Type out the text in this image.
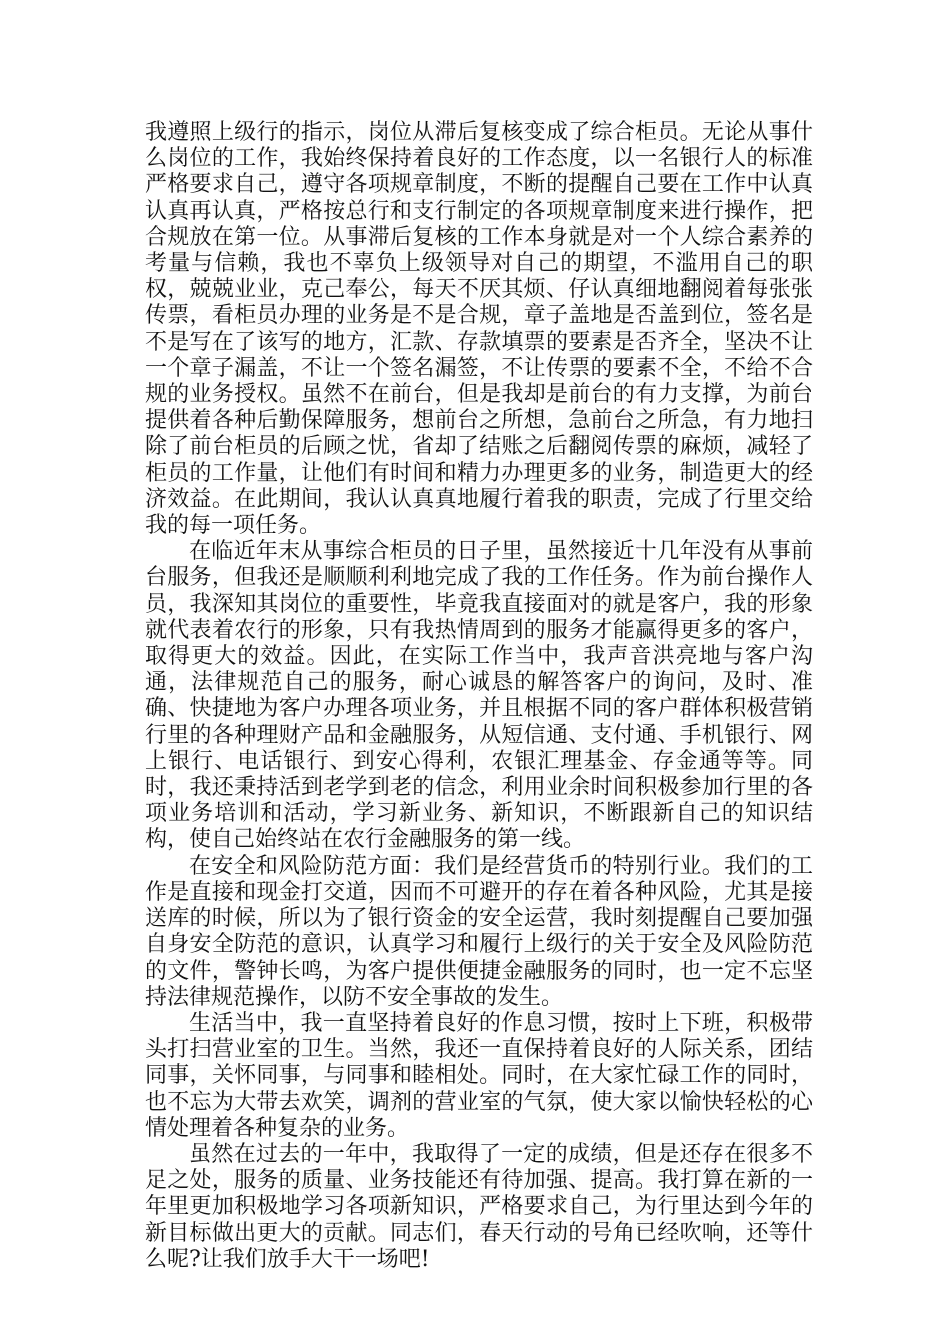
我遵照上级行的指示，岗位从滞后复核变成了综合柜员。无论从事什么岗位的工作，我始终保持着良好的工作态度，以一名银行人的标准严格要求自己，遵守各项规章制度，不断的提醒自己要在工作中认真认真再认真，严格按总行和支行制定的各项规章制度来进行操作，把合规放在第一位。从事滞后复核的工作本身就是对一个人综合素养的考量与信赖，我也不辜负上级领导对自己的期望，不滥用自己的职权，兢兢业业，克己奉公，每天不厌其烦、仔认真细地翻阅着每张张传票，看柜员办理的业务是不是合规，章子盖地是否盖到位，签名是不是写在了该写的地方，汇款、存款填票的要素是否齐全，坚决不让一个章子漏盖，不让一个签名漏签，不让传票的要素不全，不给不合规的业务授权。虽然不在前台，但是我却是前台的有力支撑，为前台提供着各种后勤保障服务，想前台之所想，急前台之所急，有力地扫除了前台柜员的后顾之忧，省却了结账之后翻阅传票的麻烦，减轻了柜员的工作量，让他们有时间和精力办理更多的业务，制造更大的经济效益。在此期间，我认认真真地履行着我的职责，完成了行里交给我的每一项任务。

在临近年末从事综合柜员的日子里，虽然接近十几年没有从事前台服务，但我还是顺顺利利地完成了我的工作任务。作为前台操作人员，我深知其岗位的重要性，毕竟我直接面对的就是客户，我的形象就代表着农行的形象，只有我热情周到的服务才能赢得更多的客户，取得更大的效益。因此，在实际工作当中，我声音洪亮地与客户沟通，法律规范自己的服务，耐心诚恳的解答客户的询问，及时、准确、快捷地为客户办理各项业务，并且根据不同的客户群体积极营销行里的各种理财产品和金融服务，从短信通、支付通、手机银行、网上银行、电话银行、到安心得利，农银汇理基金、存金通等等。同时，我还秉持活到老学到老的信念，利用业余时间积极参加行里的各项业务培训和活动，学习新业务、新知识，不断跟新自己的知识结构，使自己始终站在农行金融服务的第一线。

在安全和风险防范方面：我们是经营货币的特别行业。我们的工作是直接和现金打交道，因而不可避开的存在着各种风险，尤其是接送库的时候，所以为了银行资金的安全运营，我时刻提醒自己要加强自身安全防范的意识，认真学习和履行上级行的关于安全及风险防范的文件，警钟长鸣，为客户提供便捷金融服务的同时，也一定不忘坚持法律规范操作，以防不安全事故的发生。

生活当中，我一直坚持着良好的作息习惯，按时上下班，积极带头打扫营业室的卫生。当然，我还一直保持着良好的人际关系，团结同事，关怀同事，与同事和睦相处。同时，在大家忙碌工作的同时，也不忘为大带去欢笑，调剂的营业室的气氛，使大家以愉快轻松的心情处理着各种复杂的业务。

虽然在过去的一年中，我取得了一定的成绩，但是还存在很多不足之处，服务的质量、业务技能还有待加强、提高。我打算在新的一年里更加积极地学习各项新知识，严格要求自己，为行里达到今年的新目标做出更大的贡献。同志们，春天行动的号角已经吹响，还等什么呢?让我们放手大干一场吧!
